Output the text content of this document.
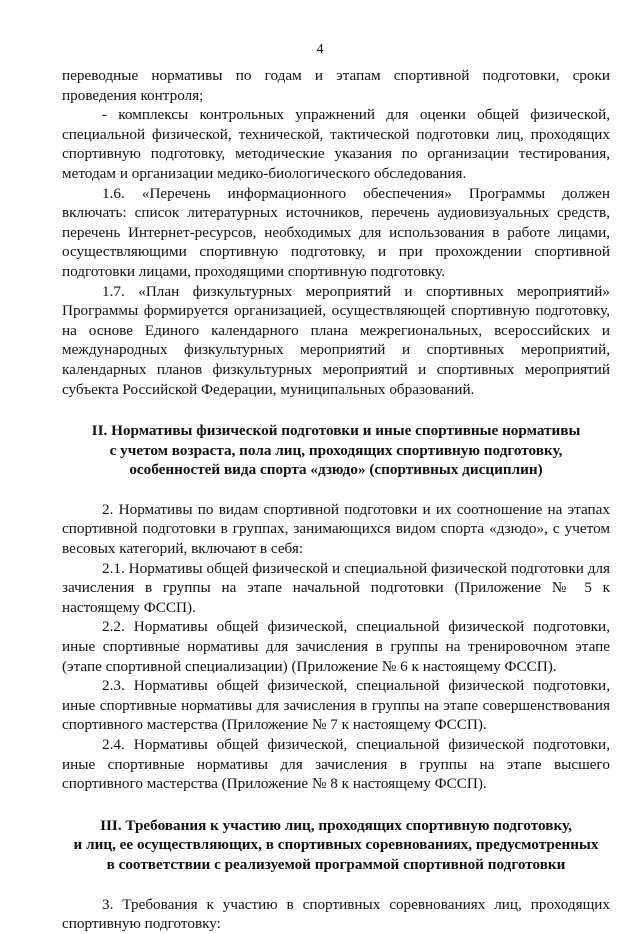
4

переводные нормативы по годам и этапам спортивной подготовки, сроки проведения контроля;

- комплексы контрольных упражнений для оценки общей физической, специальной физической, технической, тактической подготовки лиц, проходящих спортивную подготовку, методические указания по организации тестирования, методам и организации медико-биологического обследования.

1.6. «Перечень информационного обеспечения» Программы должен включать: список литературных источников, перечень аудиовизуальных средств, перечень Интернет-ресурсов, необходимых для использования в работе лицами, осуществляющими спортивную подготовку, и при прохождении спортивной подготовки лицами, проходящими спортивную подготовку.

1.7. «План физкультурных мероприятий и спортивных мероприятий» Программы формируется организацией, осуществляющей спортивную подготовку, на основе Единого календарного плана межрегиональных, всероссийских и международных физкультурных мероприятий и спортивных мероприятий, календарных планов физкультурных мероприятий и спортивных мероприятий субъекта Российской Федерации, муниципальных образований.

II. Нормативы физической подготовки и иные спортивные нормативы
с учетом возраста, пола лиц, проходящих спортивную подготовку,
особенностей вида спорта «дзюдо» (спортивных дисциплин)

2. Нормативы по видам спортивной подготовки и их соотношение на этапах спортивной подготовки в группах, занимающихся видом спорта «дзюдо», с учетом весовых категорий, включают в себя:

2.1. Нормативы общей физической и специальной физической подготовки для зачисления в группы на этапе начальной подготовки (Приложение № 5 к настоящему ФССП).

2.2. Нормативы общей физической, специальной физической подготовки, иные спортивные нормативы для зачисления в группы на тренировочном этапе (этапе спортивной специализации) (Приложение № 6 к настоящему ФССП).

2.3. Нормативы общей физической, специальной физической подготовки, иные спортивные нормативы для зачисления в группы на этапе совершенствования спортивного мастерства (Приложение № 7 к настоящему ФССП).

2.4. Нормативы общей физической, специальной физической подготовки, иные спортивные нормативы для зачисления в группы на этапе высшего спортивного мастерства (Приложение № 8 к настоящему ФССП).

III. Требования к участию лиц, проходящих спортивную подготовку,
и лиц, ее осуществляющих, в спортивных соревнованиях, предусмотренных
в соответствии с реализуемой программой спортивной подготовки

3. Требования к участию в спортивных соревнованиях лиц, проходящих спортивную подготовку:
